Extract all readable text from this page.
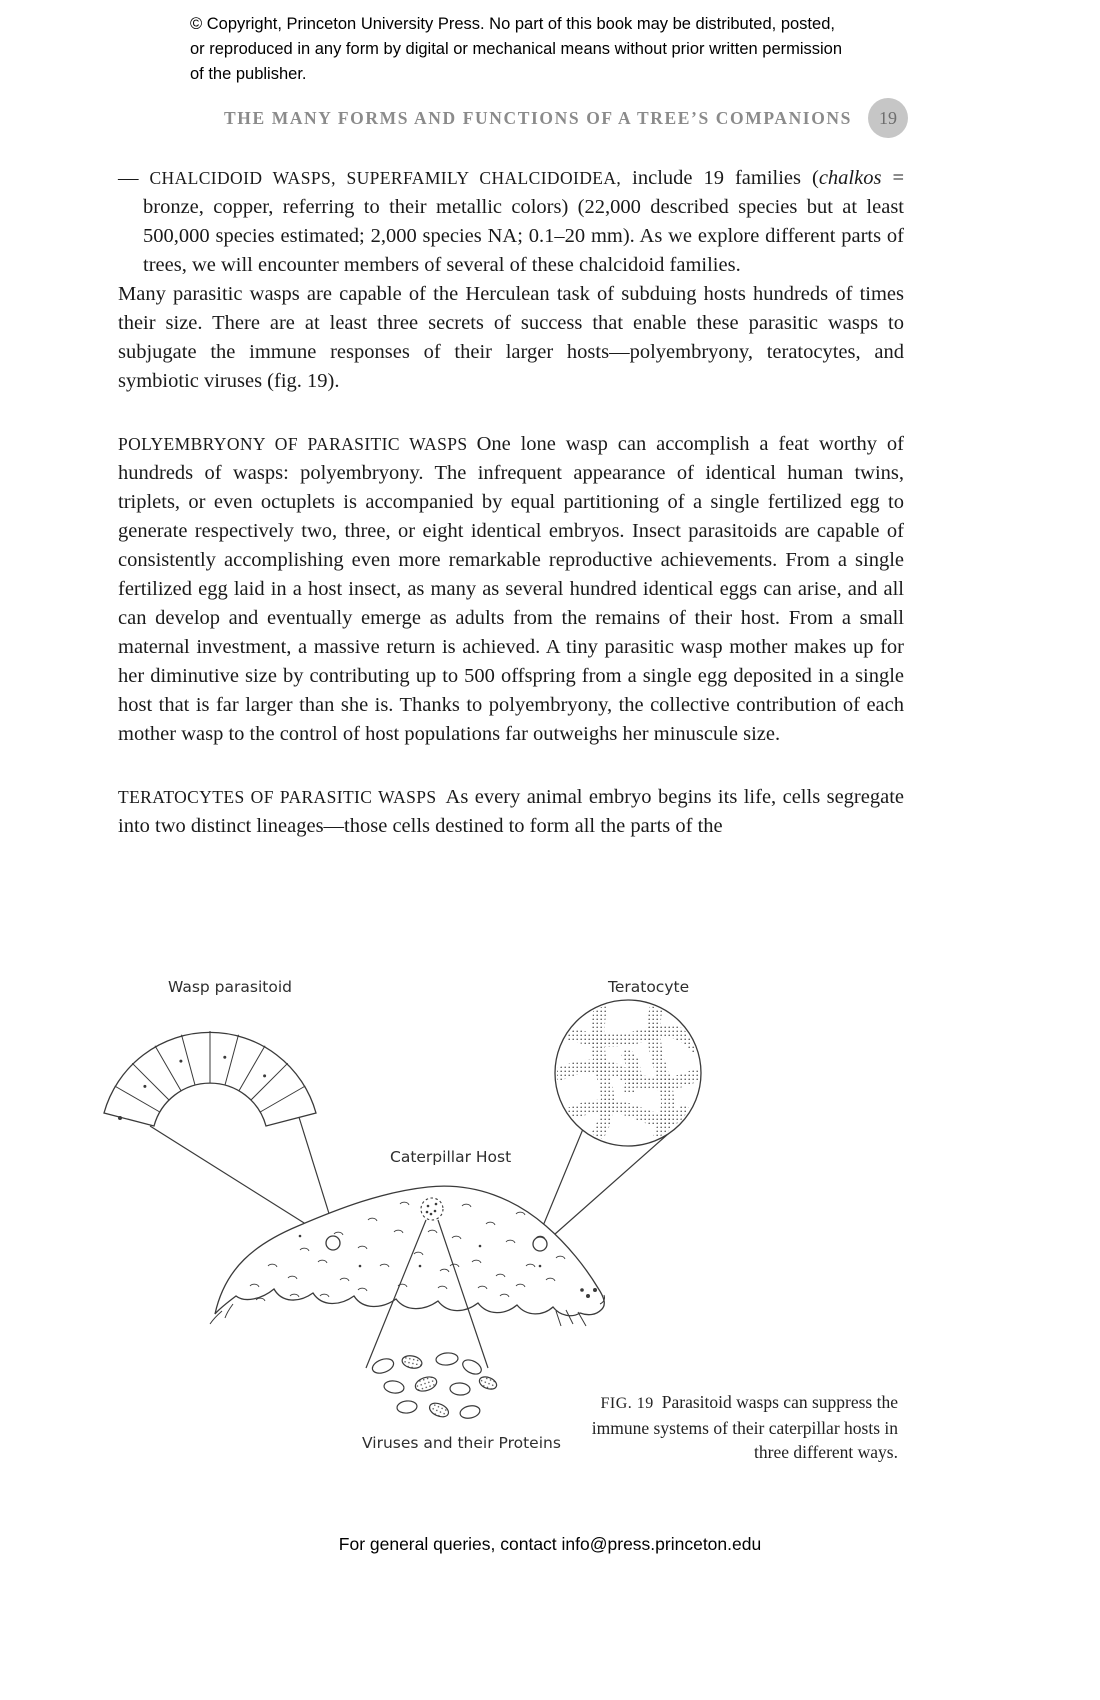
© Copyright, Princeton University Press. No part of this book may be distributed, posted, or reproduced in any form by digital or mechanical means without prior written permission of the publisher.

THE MANY FORMS AND FUNCTIONS OF A TREE’S COMPANIONS	19

— CHALCIDOID WASPS, SUPERFAMILY CHALCIDOIDEA, include 19 families (chalkos = bronze, copper, referring to their metallic colors) (22,000 described species but at least 500,000 species estimated; 2,000 species NA; 0.1–20 mm). As we explore different parts of trees, we will encounter members of several of these chalcidoid families.

Many parasitic wasps are capable of the Herculean task of subduing hosts hundreds of times their size. There are at least three secrets of success that enable these parasitic wasps to subjugate the immune responses of their larger hosts—polyembryony, teratocytes, and symbiotic viruses (fig. 19).

POLYEMBRYONY OF PARASITIC WASPS One lone wasp can accomplish a feat worthy of hundreds of wasps: polyembryony. The infrequent appearance of identical human twins, triplets, or even octuplets is accompanied by equal partitioning of a single fertilized egg to generate respectively two, three, or eight identical embryos. Insect parasitoids are capable of consistently accomplishing even more remarkable reproductive achievements. From a single fertilized egg laid in a host insect, as many as several hundred identical eggs can arise, and all can develop and eventually emerge as adults from the remains of their host. From a small maternal investment, a massive return is achieved. A tiny parasitic wasp mother makes up for her diminutive size by contributing up to 500 offspring from a single egg deposited in a single host that is far larger than she is. Thanks to polyembryony, the collective contribution of each mother wasp to the control of host populations far outweighs her minuscule size.

TERATOCYTES OF PARASITIC WASPS As every animal embryo begins its life, cells segregate into two distinct lineages—those cells destined to form all the parts of the

Wasp parasitoid	Teratocyte
Caterpillar Host
Viruses and their Proteins
FIG. 19 Parasitoid wasps can suppress the immune systems of their caterpillar hosts in three different ways.

For general queries, contact info@press.princeton.edu
